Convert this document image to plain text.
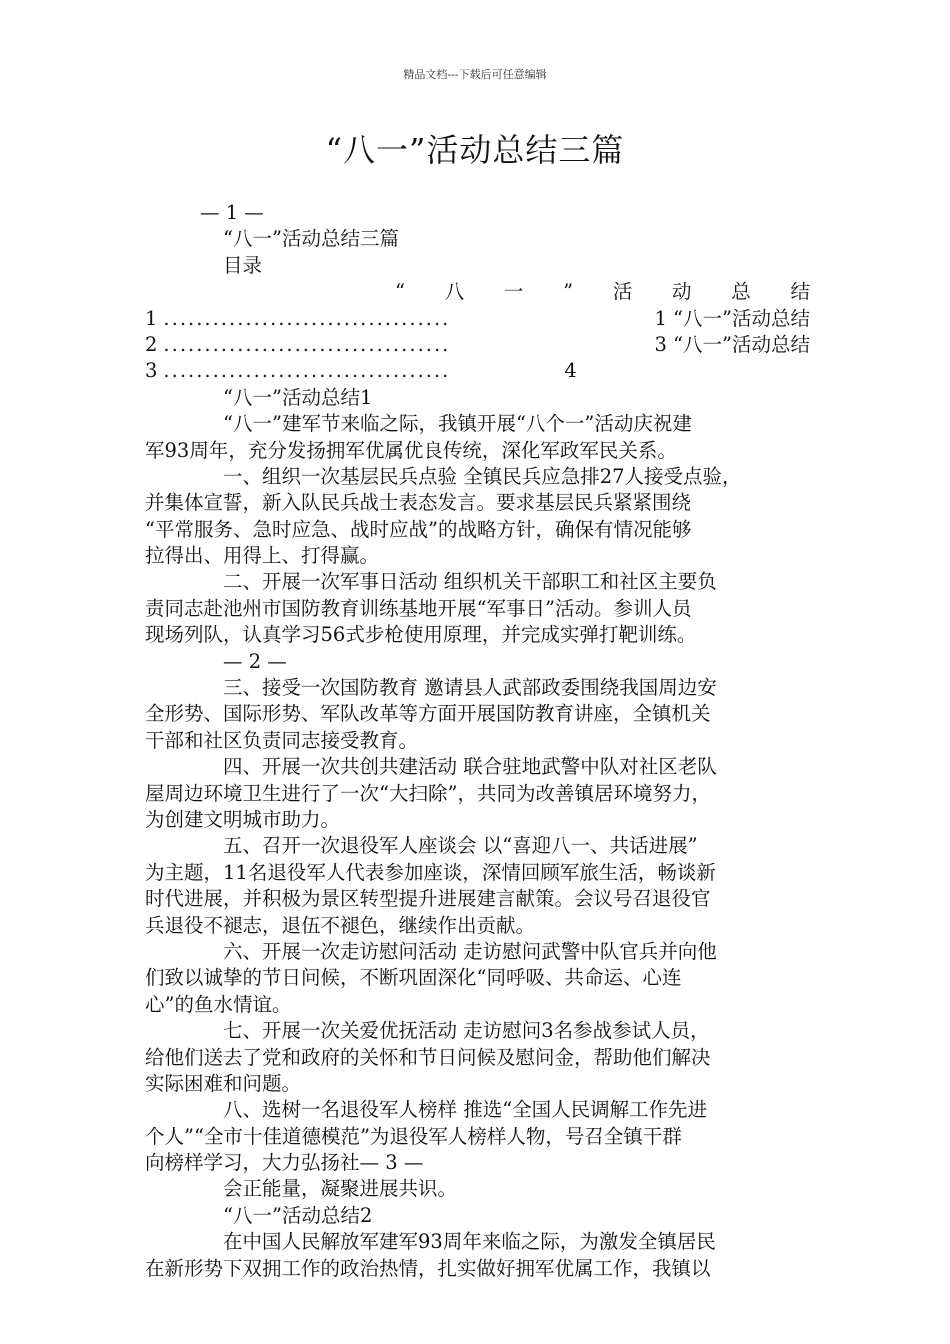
精品文档---下载后可任意编辑
“八一”活动总结三篇
— 1 —
“八一”活动总结三篇
目录
“ 八 一 ” 活 动 总 结
1 ...................................	1 “八一”活动总结
2 ...................................	3 “八一”活动总结
3 ...................................	4
“八一”活动总结1
“八一”建军节来临之际，我镇开展“八个一”活动庆祝建
军93周年，充分发扬拥军优属优良传统，深化军政军民关系。
一、组织一次基层民兵点验 全镇民兵应急排27人接受点验，
并集体宣誓，新入队民兵战士表态发言。要求基层民兵紧紧围绕
“平常服务、急时应急、战时应战”的战略方针，确保有情况能够
拉得出、用得上、打得赢。
二、开展一次军事日活动 组织机关干部职工和社区主要负
责同志赴池州市国防教育训练基地开展“军事日”活动。参训人员
现场列队，认真学习56式步枪使用原理，并完成实弹打靶训练。
— 2 —
三、接受一次国防教育 邀请县人武部政委围绕我国周边安
全形势、国际形势、军队改革等方面开展国防教育讲座，全镇机关
干部和社区负责同志接受教育。
四、开展一次共创共建活动 联合驻地武警中队对社区老队
屋周边环境卫生进行了一次“大扫除”，共同为改善镇居环境努力，
为创建文明城市助力。
五、召开一次退役军人座谈会 以“喜迎八一、共话进展”
为主题，11名退役军人代表参加座谈，深情回顾军旅生活，畅谈新
时代进展，并积极为景区转型提升进展建言献策。会议号召退役官
兵退役不褪志，退伍不褪色，继续作出贡献。
六、开展一次走访慰问活动 走访慰问武警中队官兵并向他
们致以诚挚的节日问候，不断巩固深化“同呼吸、共命运、心连
心”的鱼水情谊。
七、开展一次关爱优抚活动 走访慰问3名参战参试人员，
给他们送去了党和政府的关怀和节日问候及慰问金，帮助他们解决
实际困难和问题。
八、选树一名退役军人榜样 推选“全国人民调解工作先进
个人”“全市十佳道德模范”为退役军人榜样人物，号召全镇干群
向榜样学习，大力弘扬社— 3 —
会正能量，凝聚进展共识。
“八一”活动总结2
在中国人民解放军建军93周年来临之际，为激发全镇居民
在新形势下双拥工作的政治热情，扎实做好拥军优属工作，我镇以
